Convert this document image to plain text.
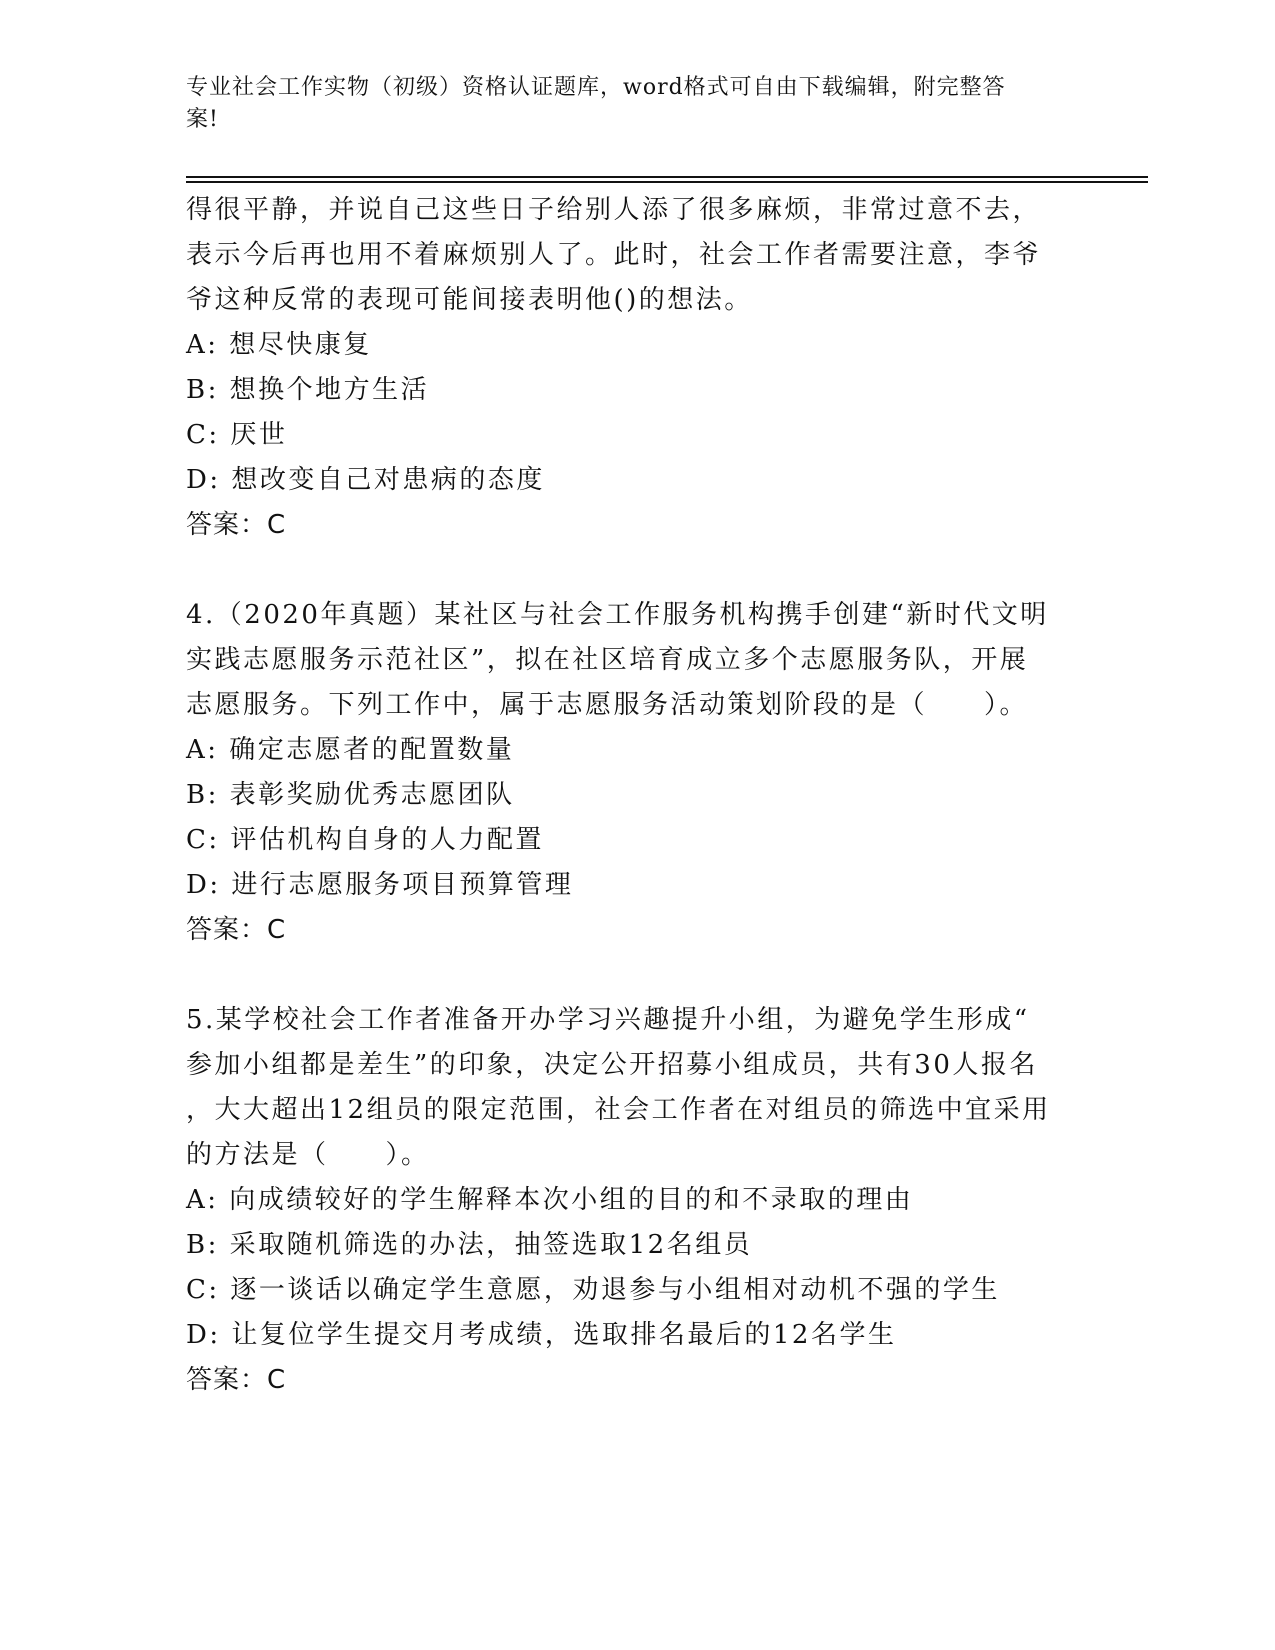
专业社会工作实物（初级）资格认证题库，word格式可自由下载编辑，附完整答
案!

得很平静，并说自己这些日子给别人添了很多麻烦，非常过意不去，

表示今后再也用不着麻烦别人了。此时，社会工作者需要注意，李爷

爷这种反常的表现可能间接表明他()的想法。

A: 想尽快康复

B: 想换个地方生活

C: 厌世

D: 想改变自己对患病的态度

答案：C

4.（2020年真题）某社区与社会工作服务机构携手创建“新时代文明

实践志愿服务示范社区”，拟在社区培育成立多个志愿服务队，开展

志愿服务。下列工作中，属于志愿服务活动策划阶段的是（　　）。

A: 确定志愿者的配置数量

B: 表彰奖励优秀志愿团队

C: 评估机构自身的人力配置

D: 进行志愿服务项目预算管理

答案：C

5.某学校社会工作者准备开办学习兴趣提升小组，为避免学生形成“

参加小组都是差生”的印象，决定公开招募小组成员，共有30人报名

，大大超出12组员的限定范围，社会工作者在对组员的筛选中宜采用

的方法是（　　）。

A: 向成绩较好的学生解释本次小组的目的和不录取的理由

B: 采取随机筛选的办法，抽签选取12名组员

C: 逐一谈话以确定学生意愿，劝退参与小组相对动机不强的学生

D: 让复位学生提交月考成绩，选取排名最后的12名学生

答案：C
